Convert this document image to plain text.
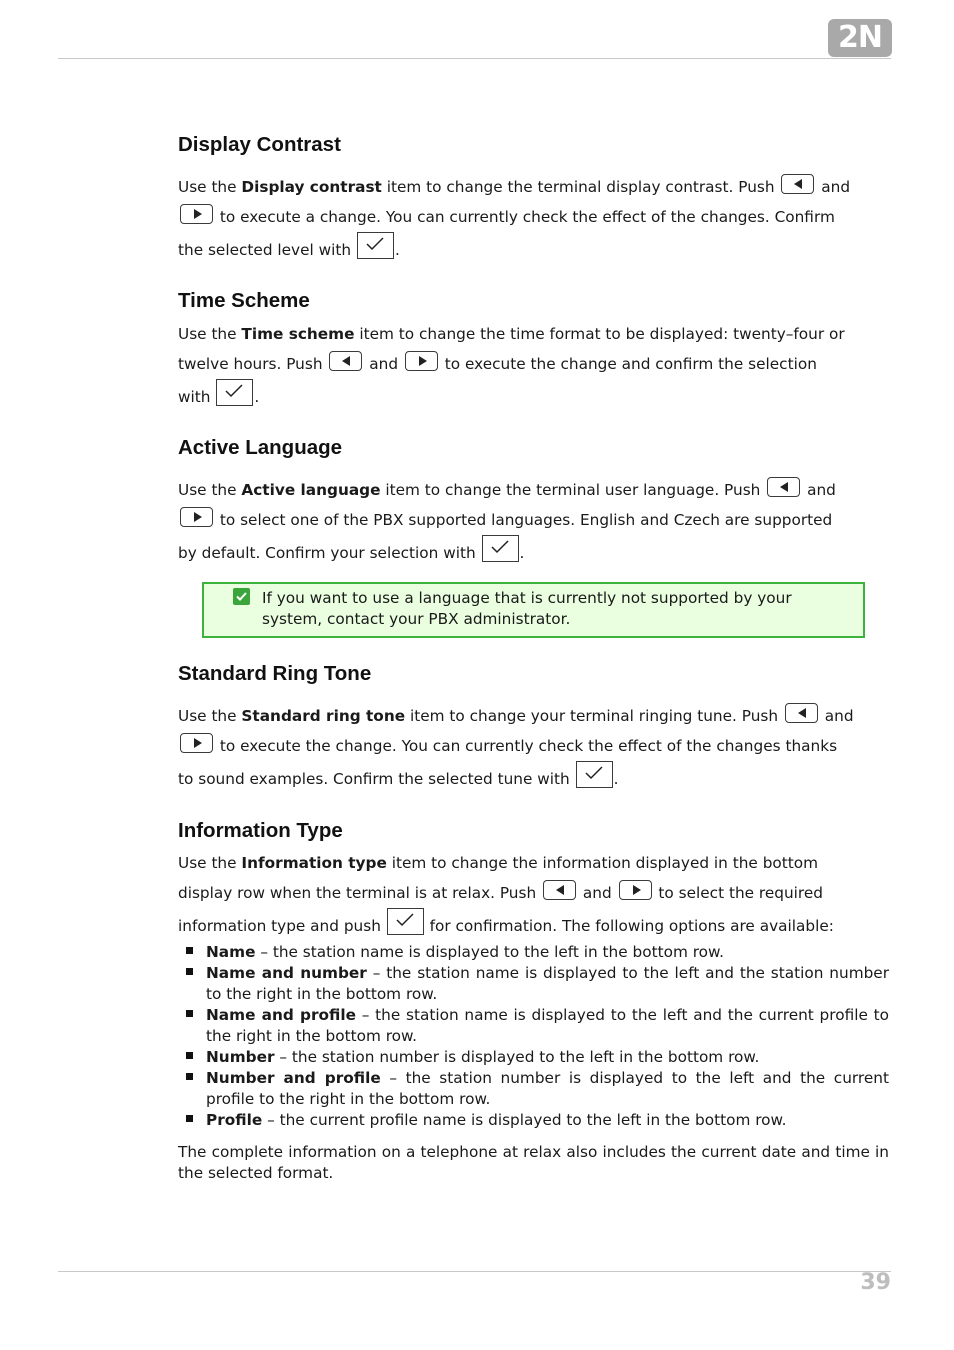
2N
Display Contrast
Use the Display contrast item to change the terminal display contrast. Push
and
to execute a change. You can currently check the effect of the changes. Confirm
the selected level with	.
Time Scheme
Use the Time scheme item to change the time format to be displayed: twenty–four or
twelve hours. Push
and
to execute the change and confirm the selection
with	.
Active Language
Use the Active language item to change the terminal user language. Push
and
to select one of the PBX supported languages. English and Czech are supported
by default. Confirm your selection with	.
If you want to use a language that is currently not supported by your system, contact your PBX administrator.
Standard Ring Tone
Use the Standard ring tone item to change your terminal ringing tune. Push
and
to execute the change. You can currently check the effect of the changes thanks
to sound examples. Confirm the selected tune with	.
Information Type
Use the Information type item to change the information displayed in the bottom
display row when the terminal is at relax. Push
and
to select the required
information type and push	for confirmation. The following options are available:
Name – the station name is displayed to the left in the bottom row.
Name and number – the station name is displayed to the left and the station number to the right in the bottom row.
Name and profile – the station name is displayed to the left and the current profile to the right in the bottom row.
Number – the station number is displayed to the left in the bottom row.
Number and profile – the station number is displayed to the left and the current profile to the right in the bottom row.
Profile – the current profile name is displayed to the left in the bottom row.
The complete information on a telephone at relax also includes the current date and time in the selected format.
39
